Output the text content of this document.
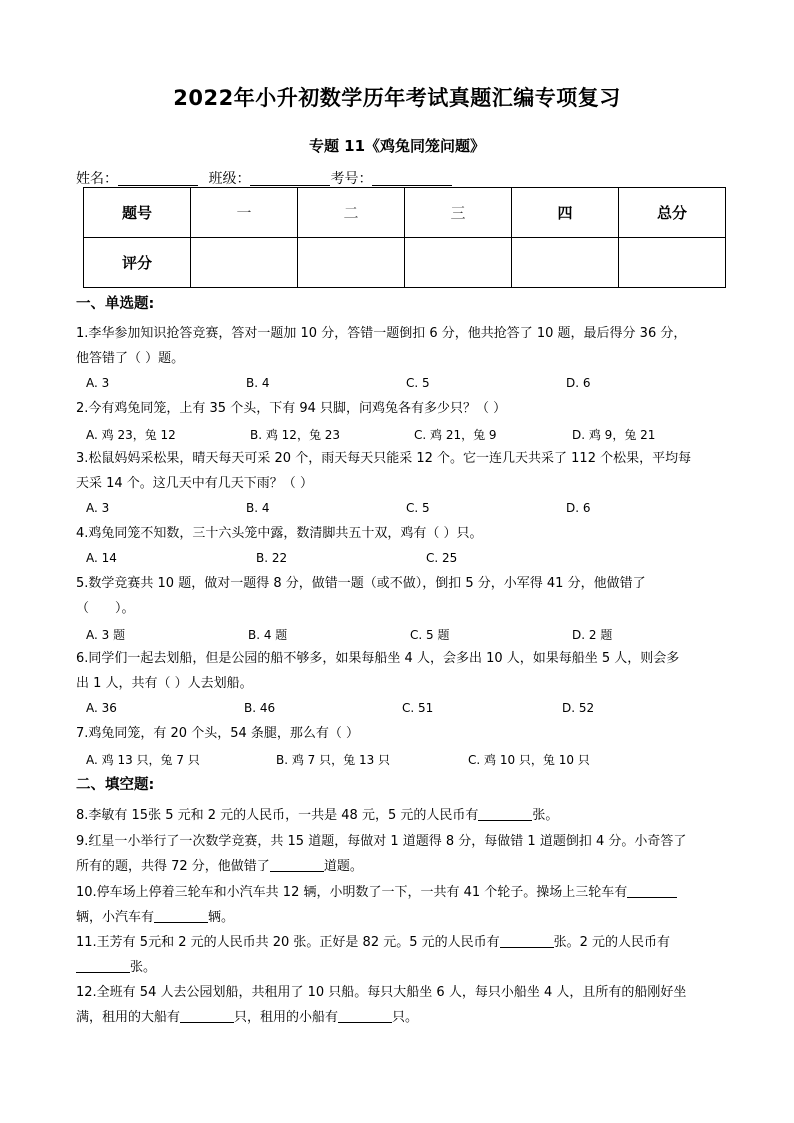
2022年小升初数学历年考试真题汇编专项复习
专题 11《鸡兔同笼问题》
姓名：	班级：	考号：
题号	一	二	三	四	总分
评分					
一、单选题:
1.李华参加知识抢答竞赛，答对一题加 10 分，答错一题倒扣 6 分，他共抢答了 10 题，最后得分 36 分，
他答错了（ ）题。
A. 3	B. 4	C. 5	D. 6
2.今有鸡兔同笼，上有 35 个头，下有 94 只脚，问鸡兔各有多少只？（ ）
A. 鸡 23，兔 12	B. 鸡 12，兔 23	C. 鸡 21，兔 9	D. 鸡 9，兔 21
3.松鼠妈妈采松果，晴天每天可采 20 个，雨天每天只能采 12 个。它一连几天共采了 112 个松果，平均每
天采 14 个。这几天中有几天下雨？（ ）
A. 3	B. 4	C. 5	D. 6
4.鸡兔同笼不知数，三十六头笼中露，数清脚共五十双，鸡有（ ）只。
A. 14	B. 22	C. 25
5.数学竞赛共 10 题，做对一题得 8 分，做错一题（或不做），倒扣 5 分，小军得 41 分，他做错了
（　　）。
A. 3 题	B. 4 题	C. 5 题	D. 2 题
6.同学们一起去划船，但是公园的船不够多，如果每船坐 4 人，会多出 10 人，如果每船坐 5 人，则会多
出 1 人，共有（ ）人去划船。
A. 36	B. 46	C. 51	D. 52
7.鸡兔同笼，有 20 个头，54 条腿，那么有（ ）
A. 鸡 13 只，兔 7 只	B. 鸡 7 只，兔 13 只	C. 鸡 10 只，兔 10 只
二、填空题:
8.李敏有 15张 5 元和 2 元的人民币，一共是 48 元，5 元的人民币有	张。
9.红星一小举行了一次数学竞赛，共 15 道题，每做对 1 道题得 8 分，每做错 1 道题倒扣 4 分。小奇答了
所有的题，共得 72 分，他做错了	道题。
10.停车场上停着三轮车和小汽车共 12 辆，小明数了一下，一共有 41 个轮子。操场上三轮车有
辆，小汽车有	辆。
11.王芳有 5元和 2 元的人民币共 20 张。正好是 82 元。5 元的人民币有	张。2 元的人民币有
张。
12.全班有 54 人去公园划船，共租用了 10 只船。每只大船坐 6 人，每只小船坐 4 人，且所有的船刚好坐
满，租用的大船有	只，租用的小船有	只。
